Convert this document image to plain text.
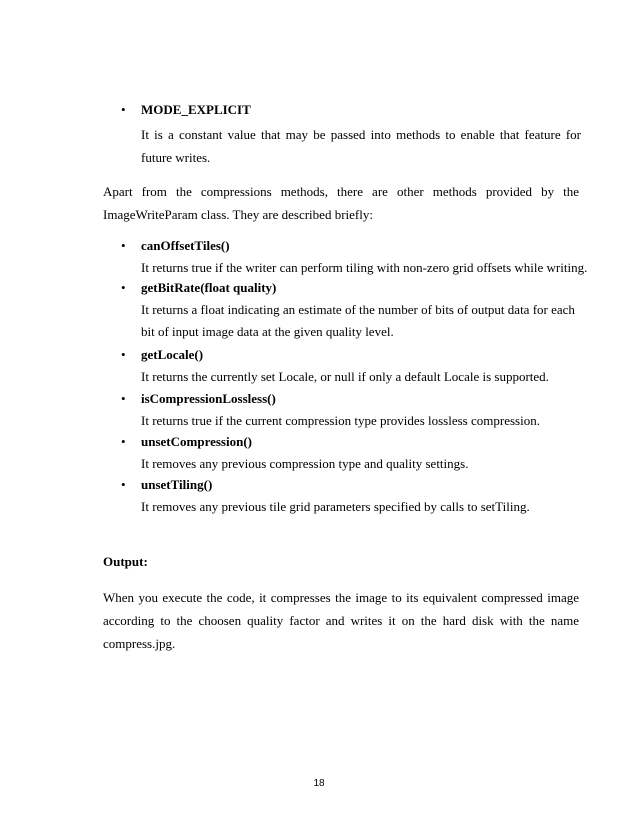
•	MODE_EXPLICIT
It is a constant value that may be passed into methods to enable that feature for future writes.
Apart from the compressions methods, there are other methods provided by the ImageWriteParam class. They are described briefly:
•	canOffsetTiles()
It returns true if the writer can perform tiling with non-zero grid offsets while writing.
•	getBitRate(float quality)
It returns a float indicating an estimate of the number of bits of output data for each bit of input image data at the given quality level.
•	getLocale()
It returns the currently set Locale, or null if only a default Locale is supported.
•	isCompressionLossless()
It returns true if the current compression type provides lossless compression.
•	unsetCompression()
It removes any previous compression type and quality settings.
•	unsetTiling()
It removes any previous tile grid parameters specified by calls to setTiling.
Output:
When you execute the code, it compresses the image to its equivalent compressed image according to the choosen quality factor and writes it on the hard disk with the name compress.jpg.
18
